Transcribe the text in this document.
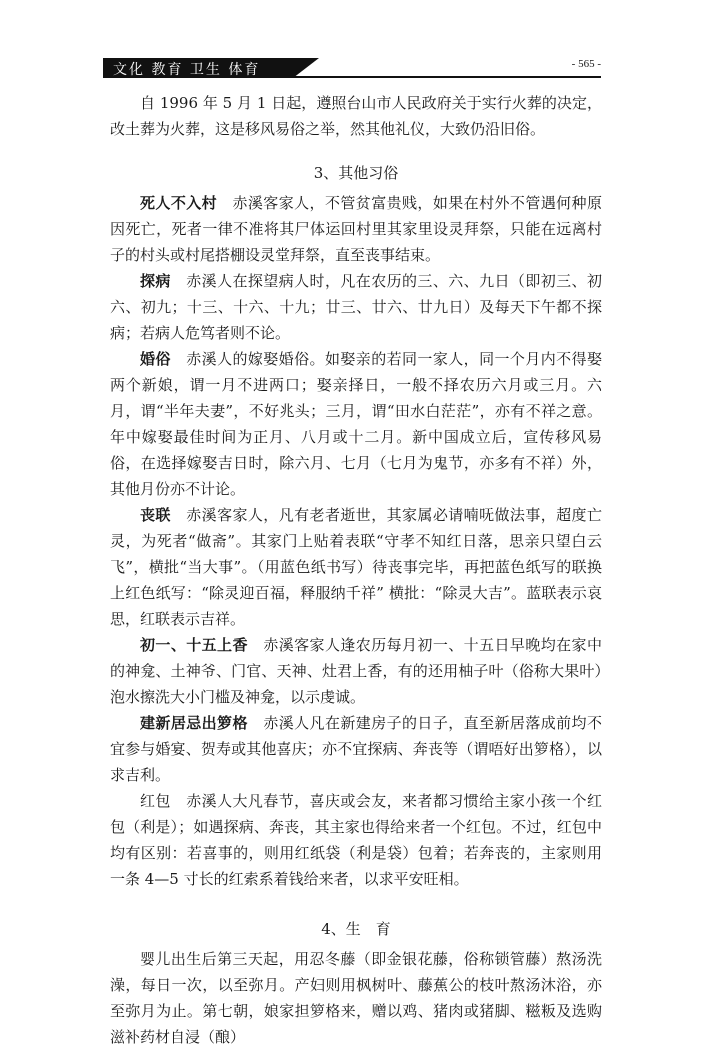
文化 教育 卫生 体育	- 565 -

自 1996 年 5 月 1 日起，遵照台山市人民政府关于实行火葬的决定，改土葬为火葬，这是移风易俗之举，然其他礼仪，大致仍沿旧俗。

3、其他习俗

死人不入村　 赤溪客家人，不管贫富贵贱，如果在村外不管遇何种原因死亡，死者一律不准将其尸体运回村里其家里设灵拜祭，只能在远离村子的村头或村尾搭棚设灵堂拜祭，直至丧事结束。

探病　 赤溪人在探望病人时，凡在农历的三、六、九日（即初三、初六、初九；十三、十六、十九；廿三、廿六、廿九日）及每天下午都不探病；若病人危笃者则不论。

婚俗　 赤溪人的嫁娶婚俗。如娶亲的若同一家人，同一个月内不得娶两个新娘，谓一月不进两口；娶亲择日，一般不择农历六月或三月。六月，谓“半年夫妻”，不好兆头；三月，谓“田水白茫茫”，亦有不祥之意。年中嫁娶最佳时间为正月、八月或十二月。新中国成立后，宣传移风易俗，在选择嫁娶吉日时，除六月、七月（七月为鬼节，亦多有不祥）外，其他月份亦不计论。

丧联　 赤溪客家人，凡有老者逝世，其家属必请喃呒做法事，超度亡灵，为死者“做斋”。其家门上贴着表联“守孝不知红日落，思亲只望白云飞”，横批“当大事”。（用蓝色纸书写）待丧事完毕，再把蓝色纸写的联换上红色纸写：“除灵迎百福，释服纳千祥” 横批：“除灵大吉”。蓝联表示哀思，红联表示吉祥。

初一、十五上香　 赤溪客家人逢农历每月初一、十五日早晚均在家中的神龛、土神爷、门官、天神、灶君上香，有的还用柚子叶（俗称大果叶）泡水擦洗大小门槛及神龛，以示虔诚。

建新居忌出箩格　 赤溪人凡在新建房子的日子，直至新居落成前均不宜参与婚宴、贺寿或其他喜庆；亦不宜探病、奔丧等（谓唔好出箩格），以求吉利。

红包　 赤溪人大凡春节，喜庆或会友，来者都习惯给主家小孩一个红包（利是）；如遇探病、奔丧，其主家也得给来者一个红包。不过，红包中均有区别：若喜事的，则用红纸袋（利是袋）包着；若奔丧的，主家则用一条 4—5 寸长的红索系着钱给来者，以求平安旺相。

4、生　育

婴儿出生后第三天起，用忍冬藤（即金银花藤，俗称锁管藤）熬汤洗澡，每日一次，以至弥月。产妇则用枫树叶、藤蕉公的枝叶熬汤沐浴，亦至弥月为止。第七朝，娘家担箩格来，赠以鸡、猪肉或猪脚、糍粄及选购滋补药材自浸（酿）
